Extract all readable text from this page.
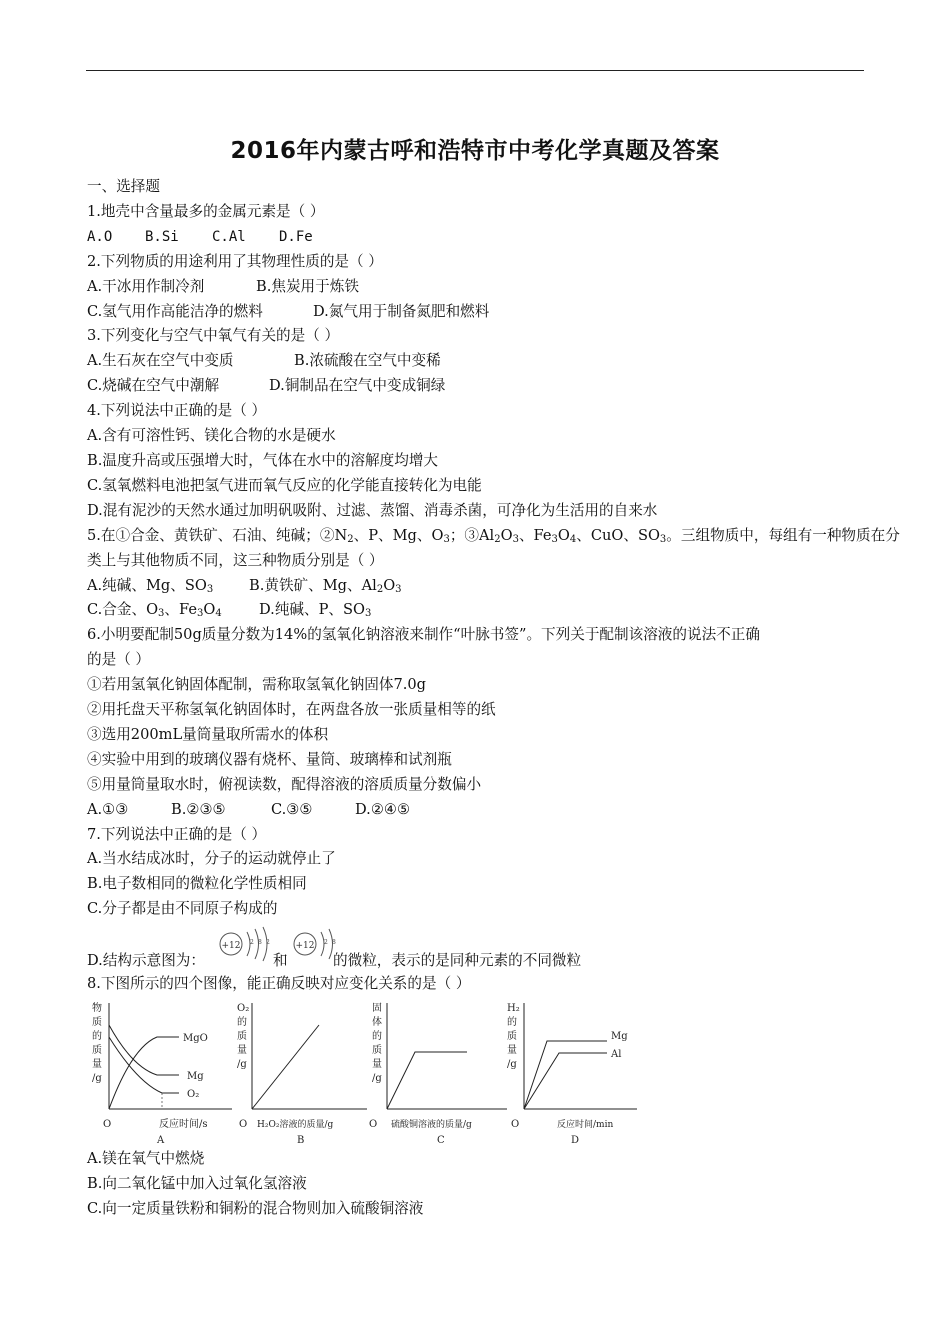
2016年内蒙古呼和浩特市中考化学真题及答案
一、选择题
1.地壳中含量最多的金属元素是（ ）
A.O B.Si C.Al D.Fe
2.下列物质的用途利用了其物理性质的是（ ）
A.干冰用作制冷剂	B.焦炭用于炼铁
C.氢气用作高能洁净的燃料	D.氮气用于制备氮肥和燃料
3.下列变化与空气中氧气有关的是（ ）
A.生石灰在空气中变质	B.浓硫酸在空气中变稀
C.烧碱在空气中潮解	D.铜制品在空气中变成铜绿
4.下列说法中正确的是（ ）
A.含有可溶性钙、镁化合物的水是硬水
B.温度升高或压强增大时，气体在水中的溶解度均增大
C.氢氧燃料电池把氢气进而氧气反应的化学能直接转化为电能
D.混有泥沙的天然水通过加明矾吸附、过滤、蒸馏、消毒杀菌，可净化为生活用的自来水
5.在①合金、黄铁矿、石油、纯碱；$②N_2$、P、Mg、$O_3$；$③Al_2O_3$、$Fe_3O_4$、CuO、$SO_3$。三组物质中，每组有一种物质在分
类上与其他物质不同，这三种物质分别是（ ）
A.纯碱、Mg、$SO_3$ B.黄铁矿、Mg、$Al_2O_3$
C.合金、$O_3$、$Fe_3O_4$	D.纯碱、P、$SO_3$
6.小明要配制50g质量分数为14%的氢氧化钠溶液来制作“叶脉书签”。下列关于配制该溶液的说法不正确
的是（ ）
①若用氢氧化钠固体配制，需称取氢氧化钠固体7.0g
②用托盘天平称氢氧化钠固体时，在两盘各放一张质量相等的纸
③选用200mL量筒量取所需水的体积
④实验中用到的玻璃仪器有烧杯、量筒、玻璃棒和试剂瓶
⑤用量筒量取水时，俯视读数，配得溶液的溶质质量分数偏小
A.①③	B.②③⑤	C.③⑤	D.②④⑤
7.下列说法中正确的是（ ）
A.当水结成冰时，分子的运动就停止了
B.电子数相同的微粒化学性质相同
C.分子都是由不同原子构成的
D.结构示意图为：
+12 2 8 2
和
+12 2 8
的微粒，表示的是同种元素的不同微粒
8.下图所示的四个图像，能正确反映对应变化关系的是（ ）
物
质
的
质
量
/g
MgO
Mg
O₂
O	反应时间/s
A
O₂
的
质
量
/g
O H₂O₂溶液的质量/g
B
固
体
的
质
量
/g
O 硫酸铜溶液的质量/g
C
H₂
的
质
量
/g
Mg
Al
O	反应时间/min
D
A.镁在氧气中燃烧
B.向二氧化锰中加入过氧化氢溶液
C.向一定质量铁粉和铜粉的混合物则加入硫酸铜溶液
